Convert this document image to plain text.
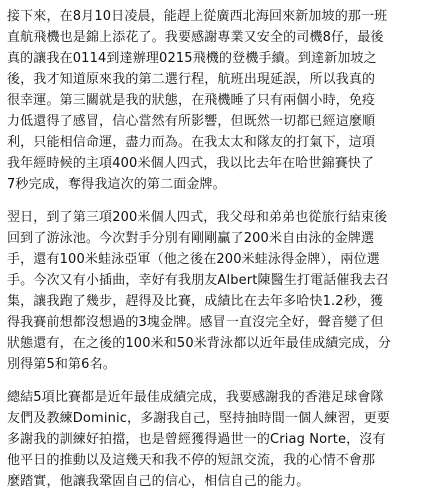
接下來，在8月10日凌晨，能趕上從廣西北海回來新加坡的那一班
直航飛機也是錦上添花了。我要感謝專業又安全的司機8仔，最後
真的讓我在0114到達辦理0215飛機的登機手續。到達新加坡之
後，我才知道原來我的第二選行程，航班出現延誤，所以我真的
很幸運。第三關就是我的狀態，在飛機睡了只有兩個小時，免疫
力低還得了感冒，信心當然有所影響，但既然一切都已經這麼順
利，只能相信命運，盡力而為。在我太太和隊友的打氣下，這項
我年經時候的主項400米個人四式，我以比去年在哈世錦賽快了
7秒完成，奪得我這次的第二面金牌。
翌日，到了第三項200米個人四式，我父母和弟弟也從旅行結束後
回到了游泳池。今次對手分別有剛剛贏了200米自由泳的金牌選
手，還有100米蛙泳亞軍（他之後在200米蛙泳得金牌），兩位選
手。今次又有小插曲，幸好有我朋友Albert陳醫生打電話催我去召
集，讓我跑了幾步，趕得及比賽，成績比在去年多哈快1.2秒，獲
得我賽前想都沒想過的3塊金牌。感冒一直沒完全好，聲音變了但
狀態還有，在之後的100米和50米背泳都以近年最佳成績完成，分
別得第5和第6名。
總結5項比賽都是近年最佳成績完成，我要感謝我的香港足球會隊
友們及教練Dominic，多謝我自己，堅持抽時間一個人練習，更要
多謝我的訓練好拍擋，也是曾經獲得過世一的Criag Norte，沒有
他平日的推動以及這幾天和我不停的短訊交流，我的心情不會那
麼踏實，他讓我鞏固自己的信心，相信自己的能力。
